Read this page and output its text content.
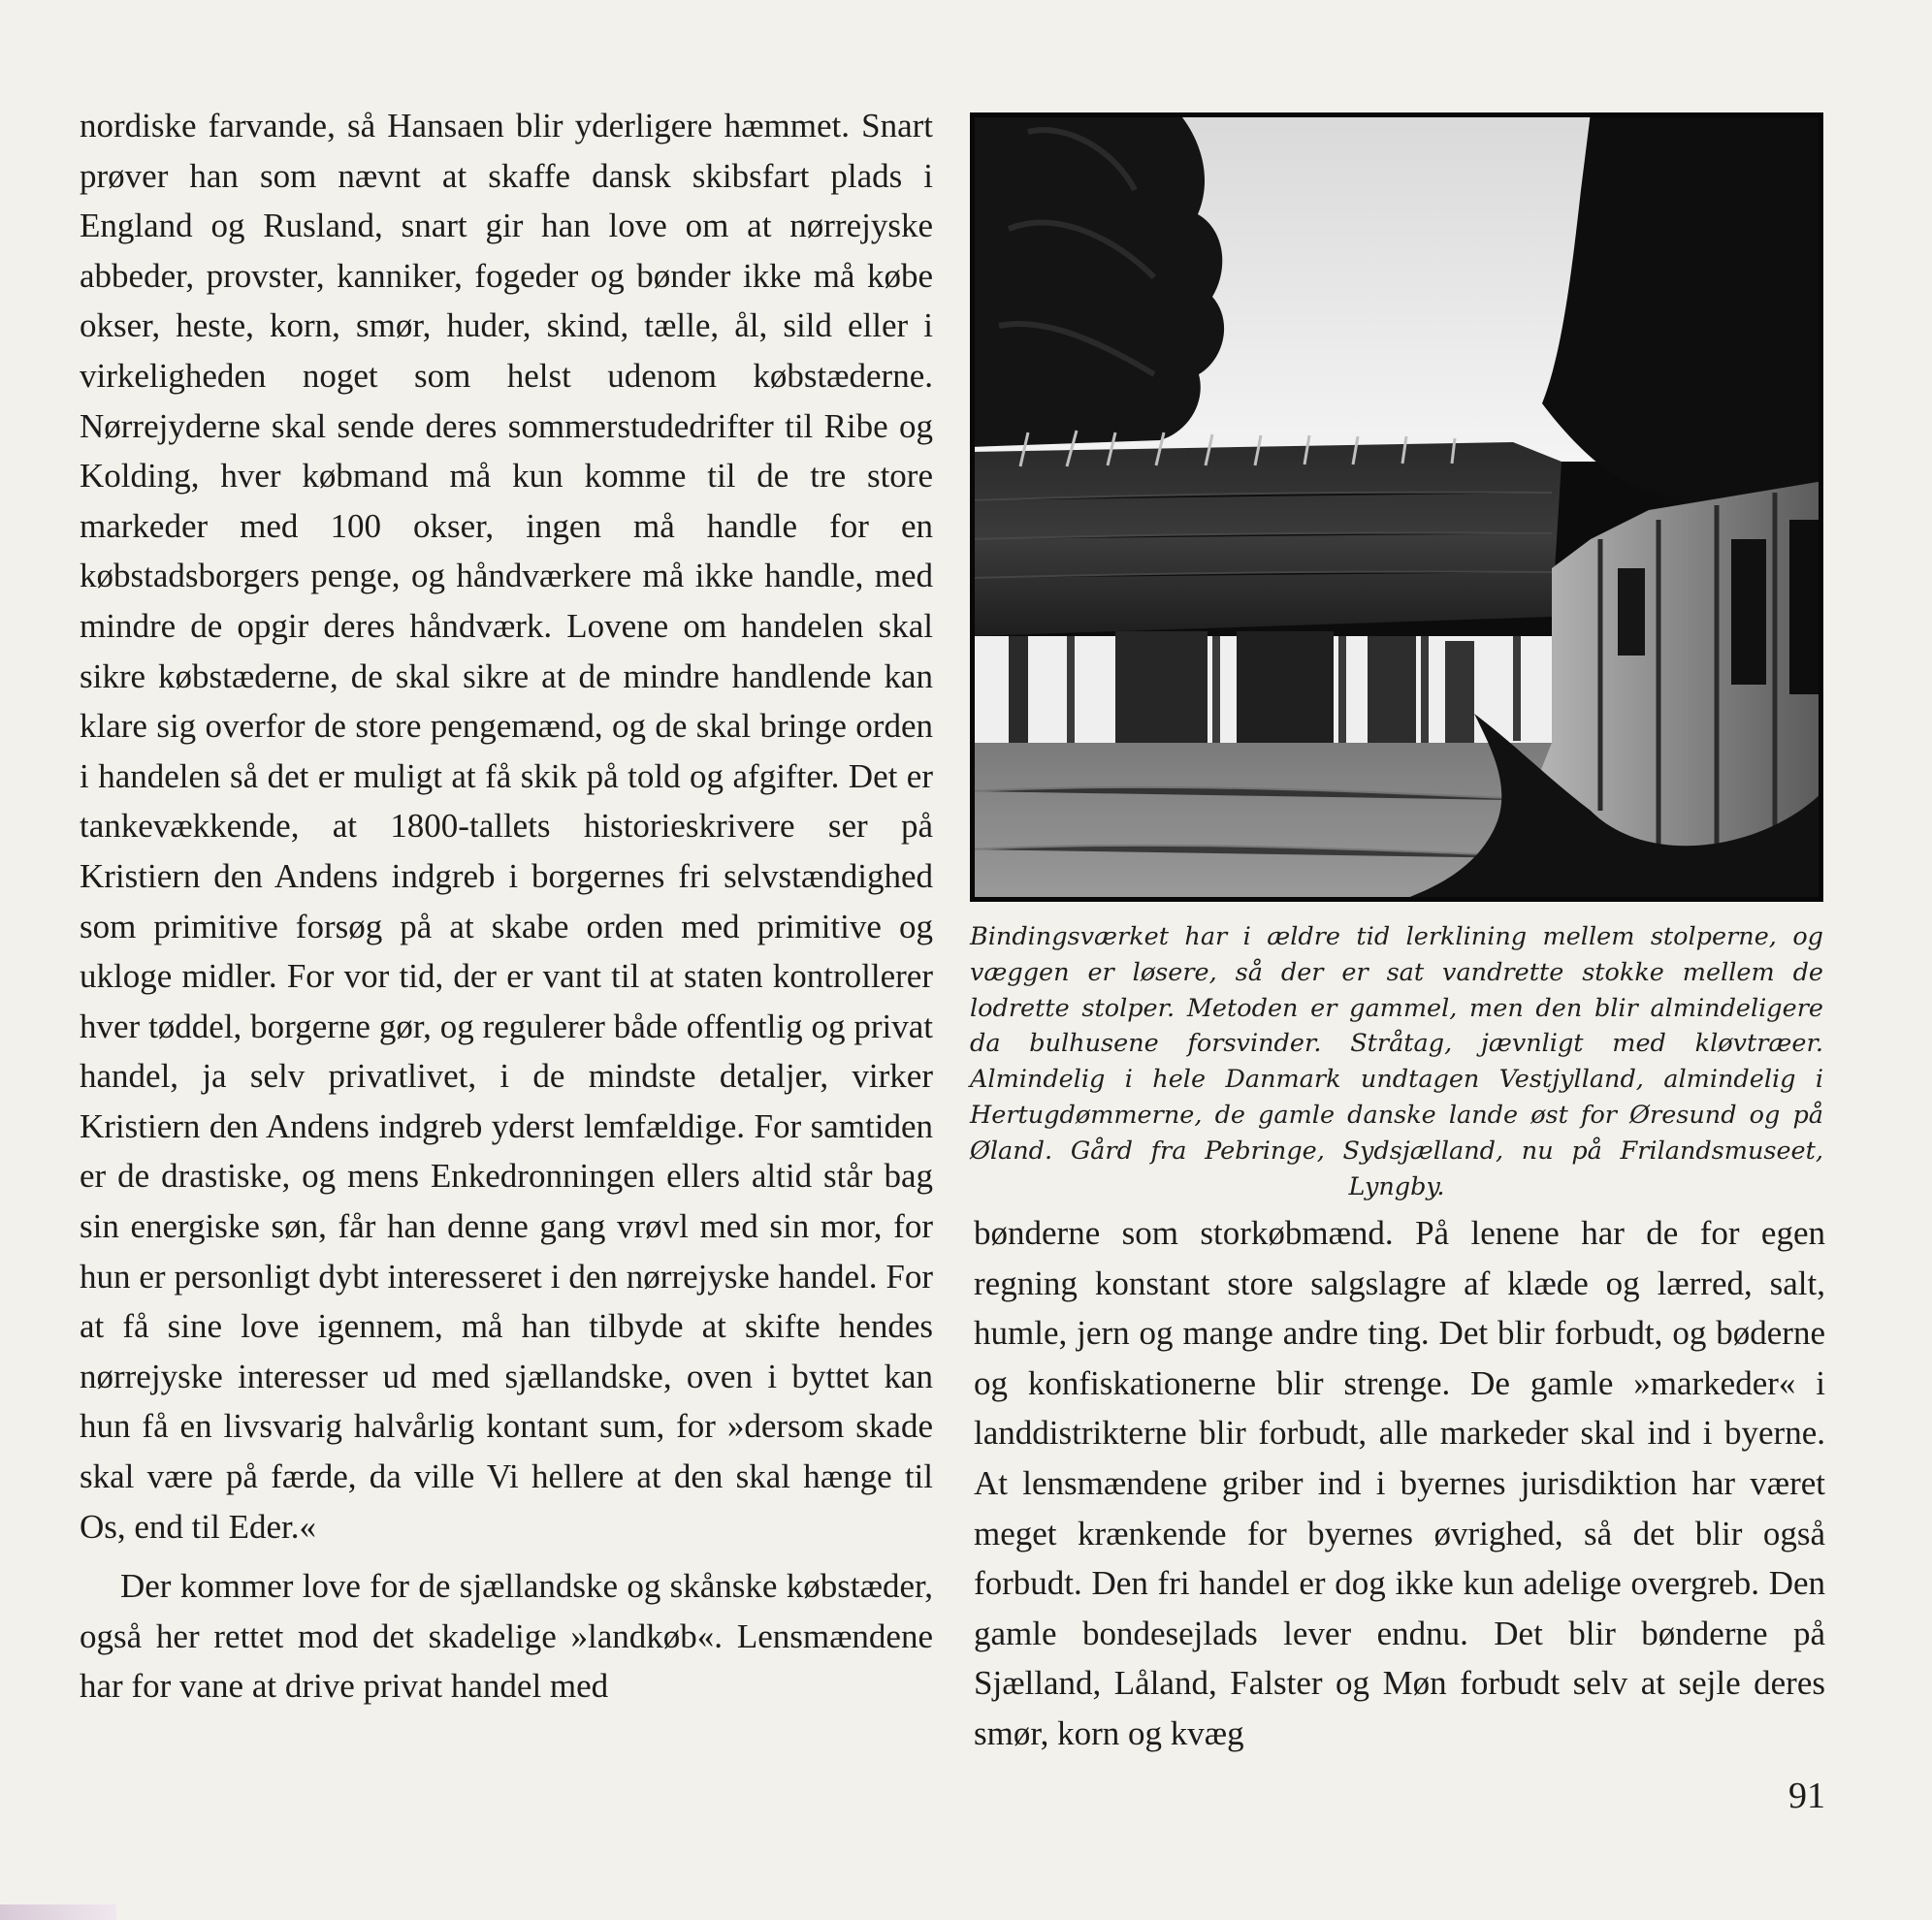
nordiske farvande, så Hansaen blir yderligere hæmmet. Snart prøver han som nævnt at skaffe dansk skibsfart plads i England og Rusland, snart gir han love om at nørrejyske abbeder, provster, kanniker, fogeder og bønder ikke må købe okser, heste, korn, smør, huder, skind, tælle, ål, sild eller i virkeligheden noget som helst udenom købstæderne. Nørrejyderne skal sende deres sommerstudedrifter til Ribe og Kolding, hver købmand må kun komme til de tre store markeder med 100 okser, ingen må handle for en købstadsborgers penge, og håndværkere må ikke handle, med mindre de opgir deres håndværk. Lovene om handelen skal sikre købstæderne, de skal sikre at de mindre handlende kan klare sig overfor de store pengemænd, og de skal bringe orden i handelen så det er muligt at få skik på told og afgifter. Det er tankevækkende, at 1800-tallets historieskrivere ser på Kristiern den Andens indgreb i borgernes fri selvstændighed som primitive forsøg på at skabe orden med primitive og ukloge midler. For vor tid, der er vant til at staten kontrollerer hver tøddel, borgerne gør, og regulerer både offentlig og privat handel, ja selv privatlivet, i de mindste detaljer, virker Kristiern den Andens indgreb yderst lemfældige. For samtiden er de drastiske, og mens Enkedronningen ellers altid står bag sin energiske søn, får han denne gang vrøvl med sin mor, for hun er personligt dybt interesseret i den nørrejyske handel. For at få sine love igennem, må han tilbyde at skifte hendes nørrejyske interesser ud med sjællandske, oven i byttet kan hun få en livsvarig halvårlig kontant sum, for »dersom skade skal være på færde, da ville Vi hellere at den skal hænge til Os, end til Eder.«

Der kommer love for de sjællandske og skånske købstæder, også her rettet mod det skadelige »landkøb«. Lensmændene har for vane at drive privat handel med

Bindingsværket har i ældre tid lerklining mellem stolperne, og væggen er løsere, så der er sat vandrette stokke mellem de lodrette stolper. Metoden er gammel, men den blir almindeligere da bulhusene forsvinder. Stråtag, jævnligt med kløvtræer. Almindelig i hele Danmark undtagen Vestjylland, almindelig i Hertugdømmerne, de gamle danske lande øst for Øresund og på Øland. Gård fra Pebringe, Sydsjælland, nu på Frilandsmuseet, Lyngby.

bønderne som storkøbmænd. På lenene har de for egen regning konstant store salgslagre af klæde og lærred, salt, humle, jern og mange andre ting. Det blir forbudt, og bøderne og konfiskationerne blir strenge. De gamle »markeder« i landdistrikterne blir forbudt, alle markeder skal ind i byerne. At lensmændene griber ind i byernes jurisdiktion har været meget krænkende for byernes øvrighed, så det blir også forbudt. Den fri handel er dog ikke kun adelige overgreb. Den gamle bondesejlads lever endnu. Det blir bønderne på Sjælland, Låland, Falster og Møn forbudt selv at sejle deres smør, korn og kvæg

91
